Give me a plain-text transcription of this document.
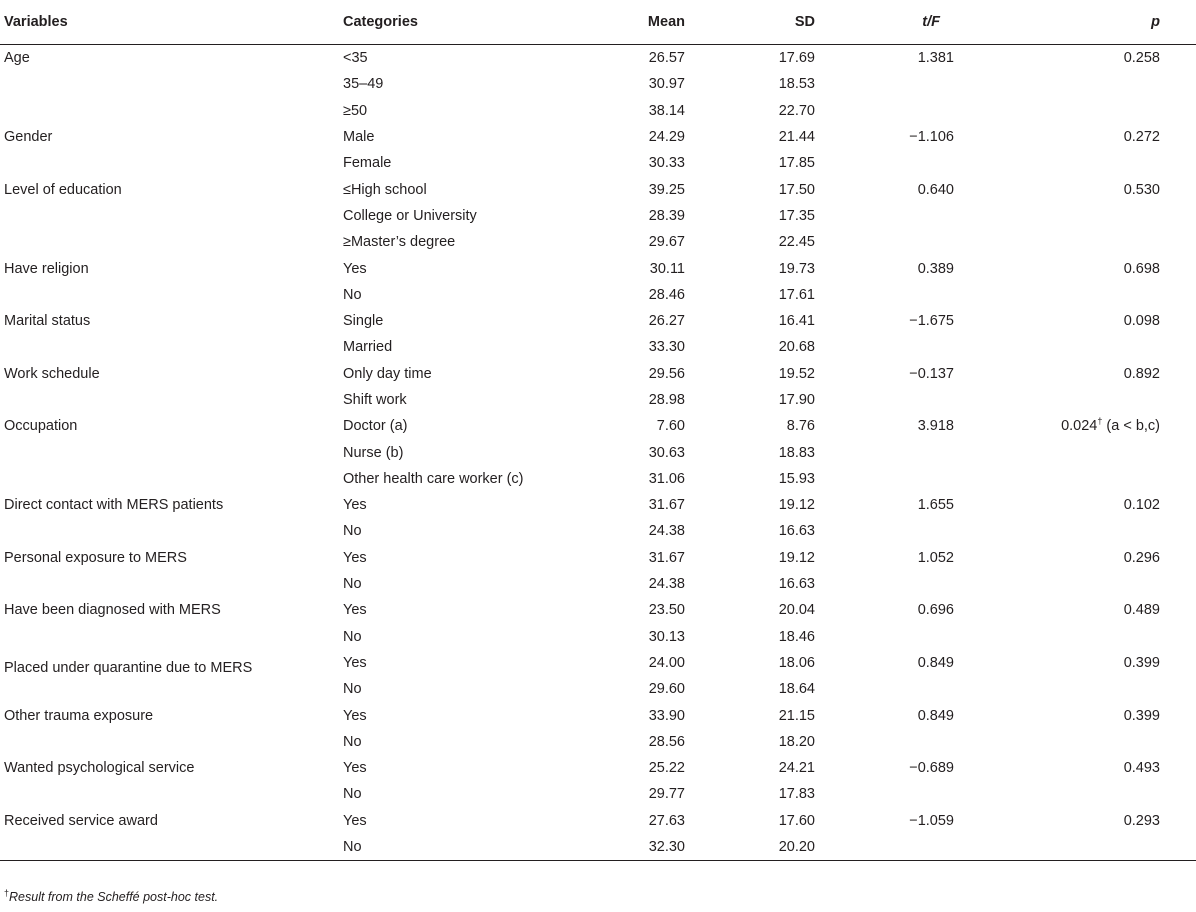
Variables	Categories	Mean	SD	t/F	p
Age	<35	26.57	17.69	1.381	0.258
	35–49	30.97	18.53		
	≥50	38.14	22.70		
Gender	Male	24.29	21.44	−1.106	0.272
	Female	30.33	17.85		
Level of education	≤High school	39.25	17.50	0.640	0.530
	College or University	28.39	17.35		
	≥Master’s degree	29.67	22.45		
Have religion	Yes	30.11	19.73	0.389	0.698
	No	28.46	17.61		
Marital status	Single	26.27	16.41	−1.675	0.098
	Married	33.30	20.68		
Work schedule	Only day time	29.56	19.52	−0.137	0.892
	Shift work	28.98	17.90		
Occupation	Doctor (a)	7.60	8.76	3.918	0.024† (a < b,c)
	Nurse (b)	30.63	18.83		
	Other health care worker (c)	31.06	15.93		
Direct contact with MERS patients	Yes	31.67	19.12	1.655	0.102
	No	24.38	16.63		
Personal exposure to MERS	Yes	31.67	19.12	1.052	0.296
	No	24.38	16.63		
Have been diagnosed with MERS	Yes	23.50	20.04	0.696	0.489
	No	30.13	18.46		

Placed under quarantine due to MERS	Yes	24.00	18.06	0.849	0.399
	No	29.60	18.64		
Other trauma exposure	Yes	33.90	21.15	0.849	0.399
	No	28.56	18.20		
Wanted psychological service	Yes	25.22	24.21	−0.689	0.493
	No	29.77	17.83		
Received service award	Yes	27.63	17.60	−1.059	0.293
	No	32.30	20.20		
†Result from the Scheffé post-hoc test.
